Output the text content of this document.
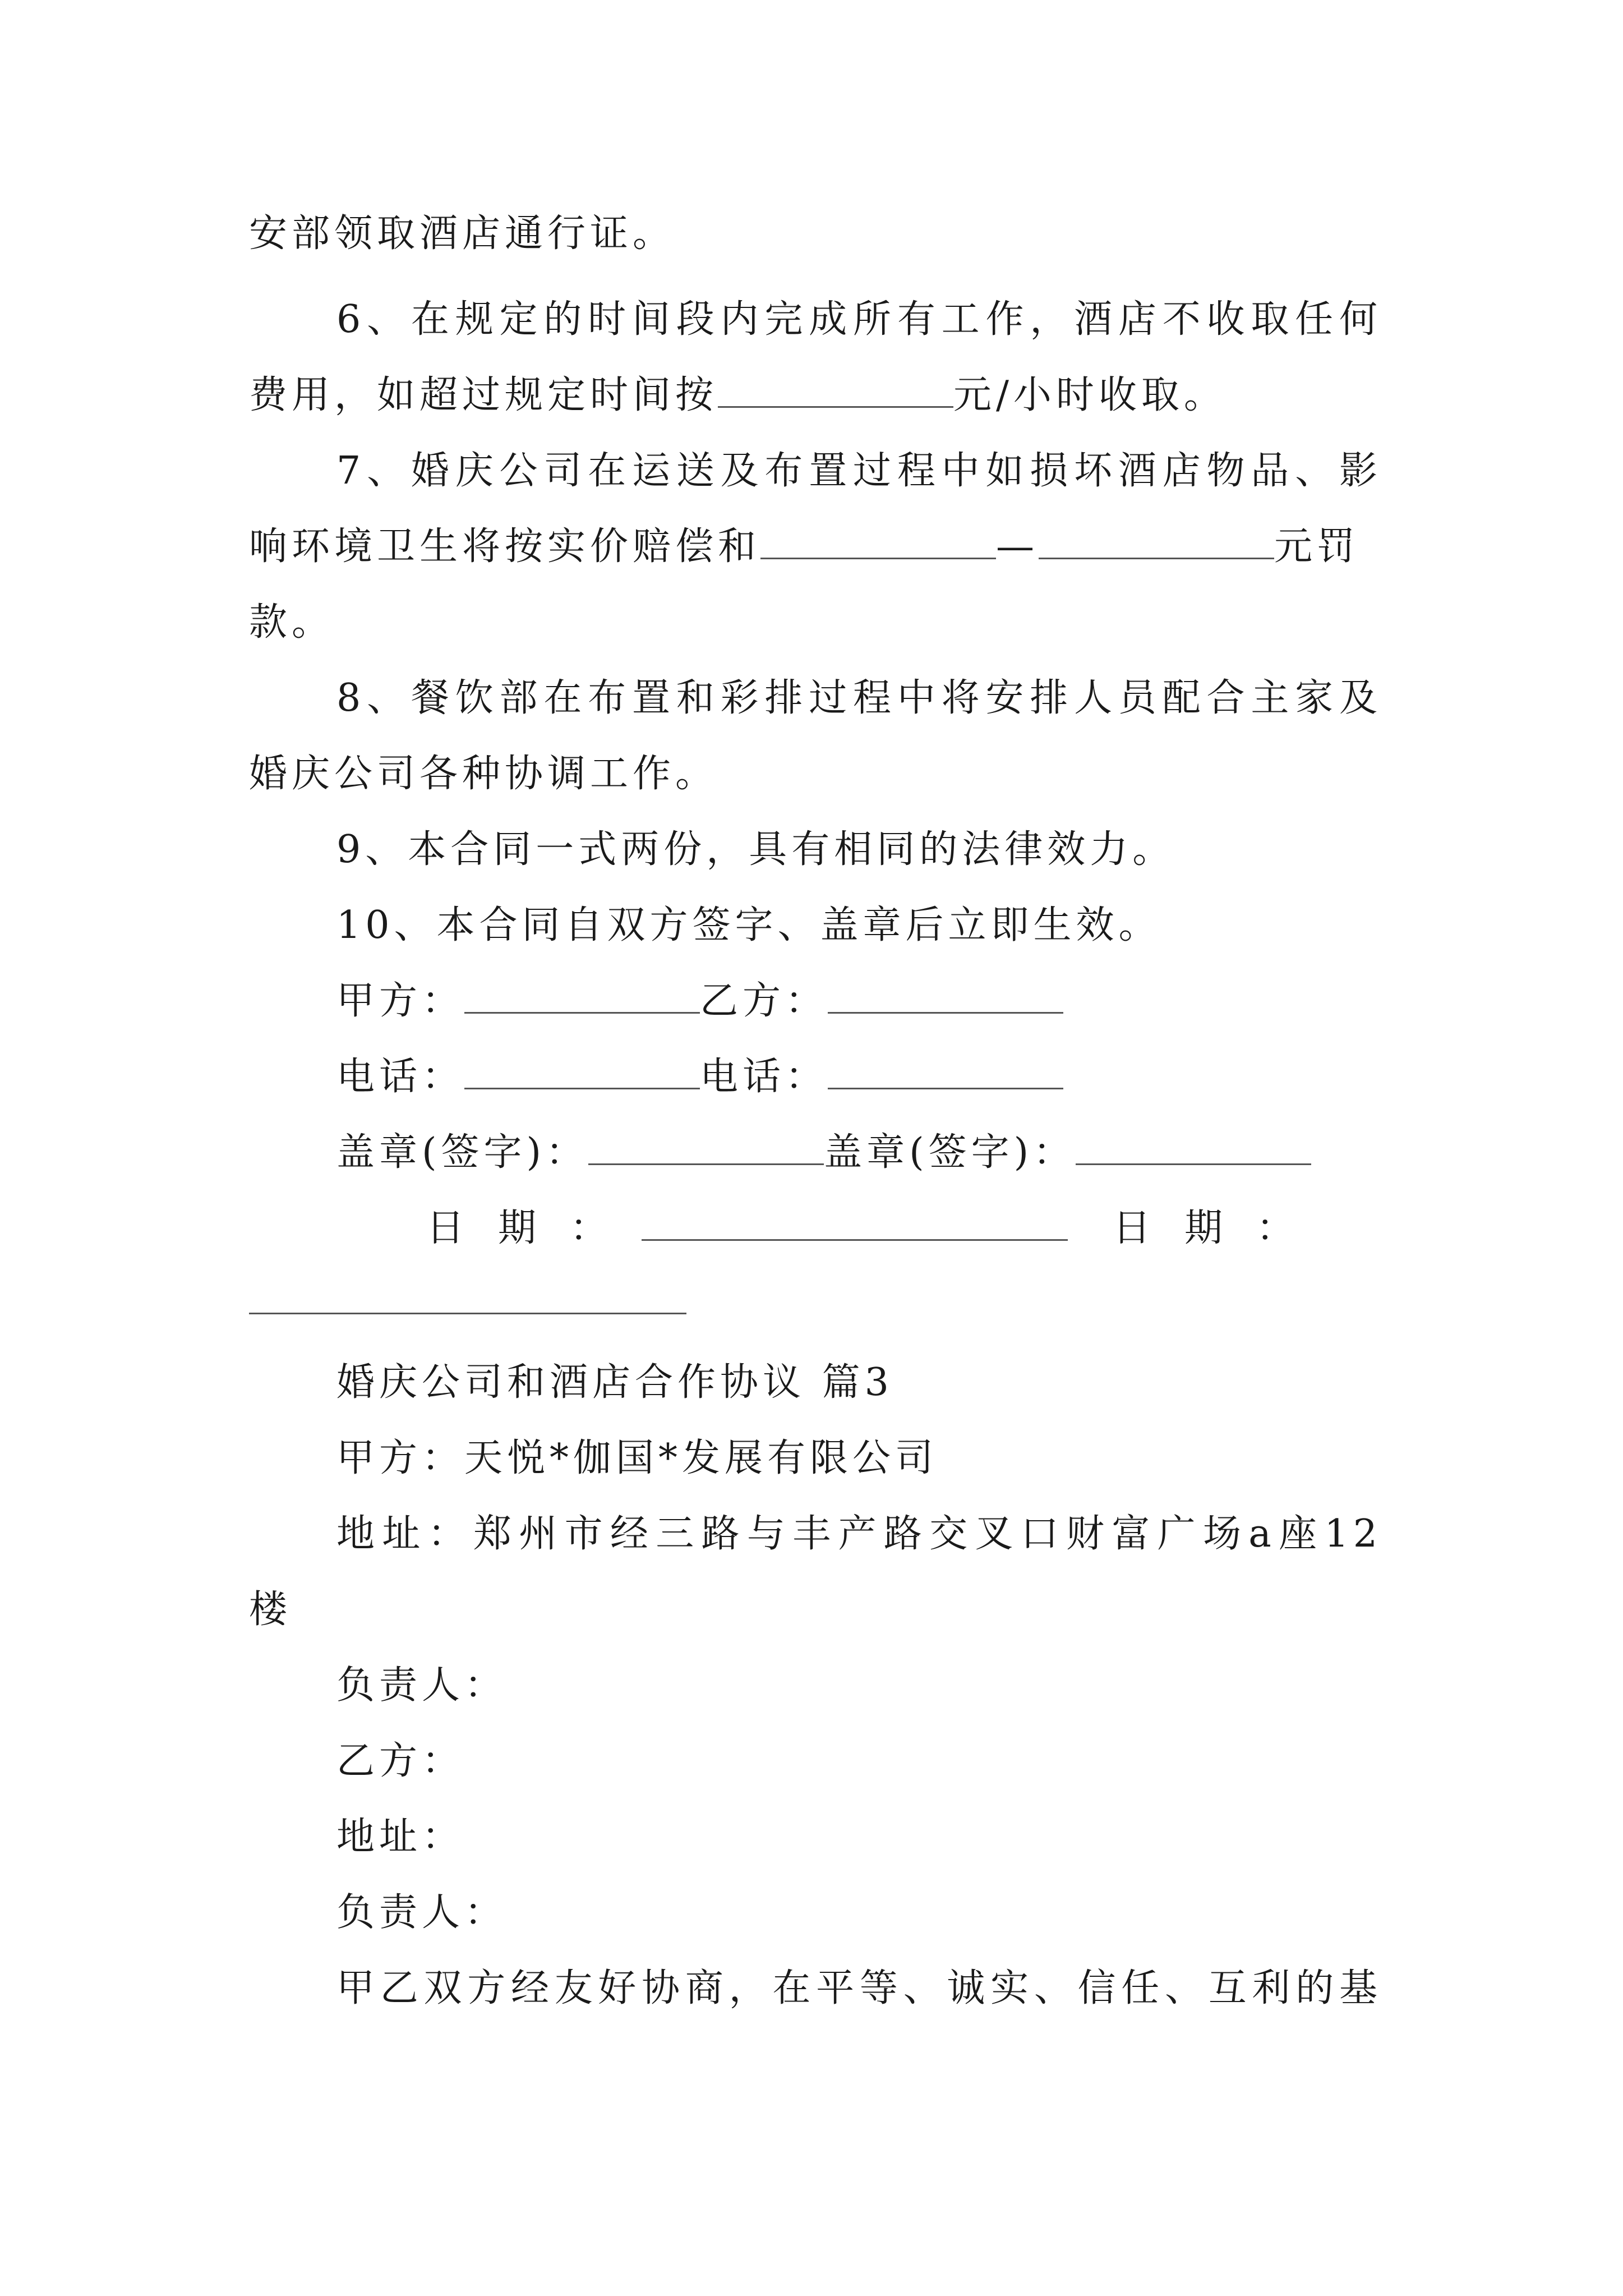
安部领取酒店通行证。
6、在规定的时间段内完成所有工作，酒店不收取任何
费用，如超过规定时间按	元/小时收取。
7、婚庆公司在运送及布置过程中如损坏酒店物品、影
响环境卫生将按实价赔偿和	—	元罚
款。
8、餐饮部在布置和彩排过程中将安排人员配合主家及
婚庆公司各种协调工作。
9、本合同一式两份，具有相同的法律效力。
10、本合同自双方签字、盖章后立即生效。
甲方：	乙方：
电话：	电话：
盖章(签字)：	盖章(签字)：
日期：	日期：
婚庆公司和酒店合作协议 篇3
甲方：天悦*伽国*发展有限公司
地址：郑州市经三路与丰产路交叉口财富广场a座12
楼
负责人：
乙方：
地址：
负责人：
甲乙双方经友好协商，在平等、诚实、信任、互利的基
